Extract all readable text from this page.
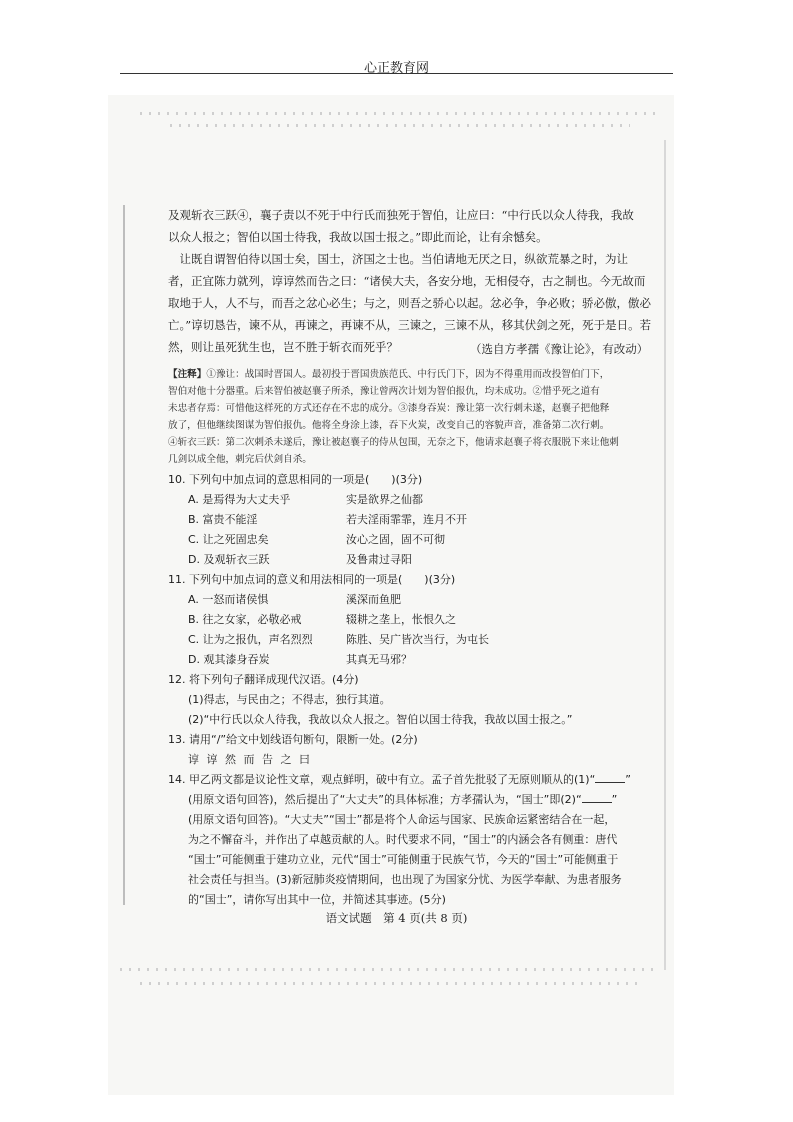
心正教育网
及观斩衣三跃④，襄子责以不死于中行氏而独死于智伯，让应曰：“中行氏以众人待我，我故
以众人报之；智伯以国士待我，我故以国士报之。”即此而论，让有余憾矣。
　让既自谓智伯待以国士矣，国士，济国之士也。当伯请地无厌之日，纵欲荒暴之时，为让
者，正宜陈力就列，谆谆然而告之曰：“诸侯大夫，各安分地，无相侵夺，古之制也。今无故而
取地于人，人不与，而吾之忿心必生；与之，则吾之骄心以起。忿必争，争必败；骄必傲，傲必
亡。”谆切恳告，谏不从，再谏之，再谏不从，三谏之，三谏不从，移其伏剑之死，死于是日。若
然，则让虽死犹生也，岂不胜于斩衣而死乎？	（选自方孝孺《豫让论》，有改动）
【注释】①豫让：战国时晋国人。最初投于晋国贵族范氏、中行氏门下，因为不得重用而改投智伯门下，
智伯对他十分器重。后来智伯被赵襄子所杀，豫让曾两次计划为智伯报仇，均未成功。②惜乎死之道有
未忠者存焉：可惜他这样死的方式还存在不忠的成分。③漆身吞炭：豫让第一次行刺未遂，赵襄子把他释
放了，但他继续图谋为智伯报仇。他将全身涂上漆，吞下火炭，改变自己的容貌声音，准备第二次行刺。
④斩衣三跃：第二次刺杀未遂后，豫让被赵襄子的侍从包围，无奈之下，他请求赵襄子将衣服脱下来让他刺
几剑以成全他，刺完后伏剑自杀。
10. 下列句中加点词的意思相同的一项是(　　)(3分)
A. 是焉得为大丈夫乎	实是欲界之仙都
B. 富贵不能淫	若夫淫雨霏霏，连月不开
C. 让之死固忠矣	汝心之固，固不可彻
D. 及观斩衣三跃	及鲁肃过寻阳
11. 下列句中加点词的意义和用法相同的一项是(　　)(3分)
A. 一怒而诸侯惧	溪深而鱼肥
B. 往之女家，必敬必戒	辍耕之垄上，怅恨久之
C. 让为之报仇，声名烈烈	陈胜、吴广皆次当行，为屯长
D. 观其漆身吞炭	其真无马邪？
12. 将下列句子翻译成现代汉语。(4分)
(1)得志，与民由之；不得志，独行其道。
(2)“中行氏以众人待我，我故以众人报之。智伯以国士待我，我故以国士报之。”
13. 请用“/”给文中划线语句断句，限断一处。(2分)
谆 谆 然 而 告 之 曰
14. 甲乙两文都是议论性文章，观点鲜明，破中有立。孟子首先批驳了无原则顺从的(1)“	”
(用原文语句回答)，然后提出了“大丈夫”的具体标准；方孝孺认为，“国士”即(2)“	”
(用原文语句回答)。“大丈夫”“国士”都是将个人命运与国家、民族命运紧密结合在一起，
为之不懈奋斗，并作出了卓越贡献的人。时代要求不同，“国士”的内涵会各有侧重：唐代
“国士”可能侧重于建功立业，元代“国士”可能侧重于民族气节，今天的“国士”可能侧重于
社会责任与担当。(3)新冠肺炎疫情期间，也出现了为国家分忧、为医学奉献、为患者服务
的“国士”，请你写出其中一位，并简述其事迹。(5分)
语文试题　第 4 页(共 8 页)
